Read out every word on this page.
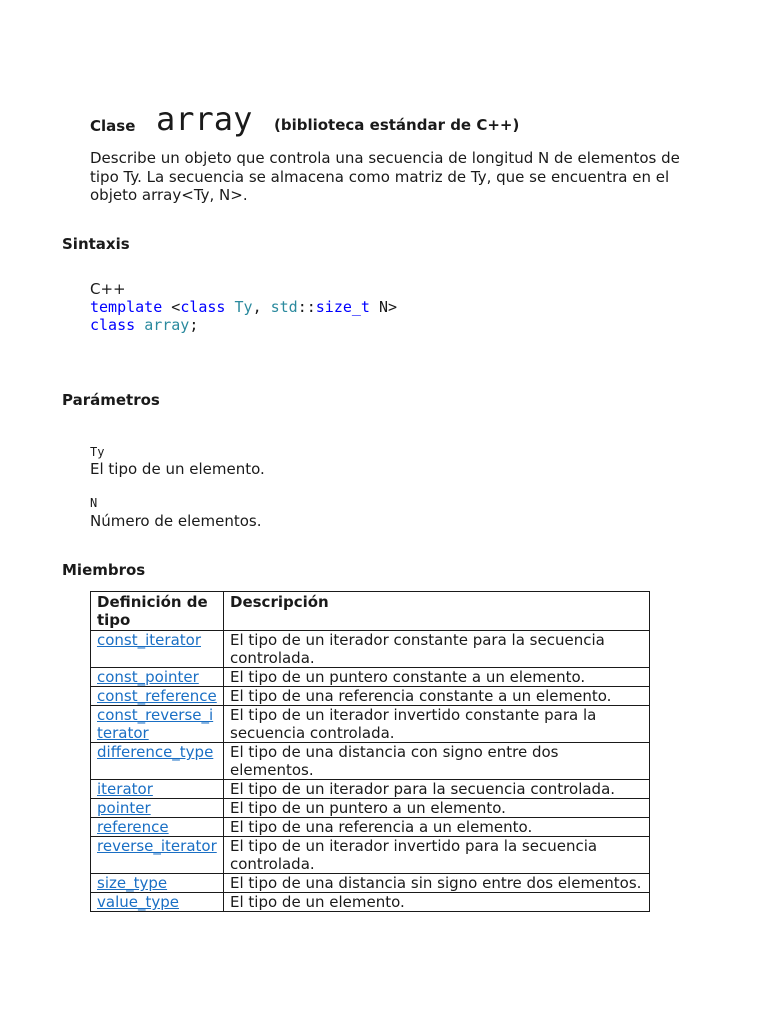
Clase array (biblioteca estándar de C++)
Describe un objeto que controla una secuencia de longitud N de elementos de tipo Ty. La secuencia se almacena como matriz de Ty, que se encuentra en el objeto array<Ty, N>.
Sintaxis
C++
template <class Ty, std::size_t N>
class array;
Parámetros
Ty
El tipo de un elemento.
N
Número de elementos.
Miembros
Definición de tipo	Descripción
const_iterator	El tipo de un iterador constante para la secuencia controlada.
const_pointer	El tipo de un puntero constante a un elemento.
const_reference	El tipo de una referencia constante a un elemento.
const_reverse_iterator	El tipo de un iterador invertido constante para la secuencia controlada.
difference_type	El tipo de una distancia con signo entre dos elementos.
iterator	El tipo de un iterador para la secuencia controlada.
pointer	El tipo de un puntero a un elemento.
reference	El tipo de una referencia a un elemento.
reverse_iterator	El tipo de un iterador invertido para la secuencia controlada.
size_type	El tipo de una distancia sin signo entre dos elementos.
value_type	El tipo de un elemento.
